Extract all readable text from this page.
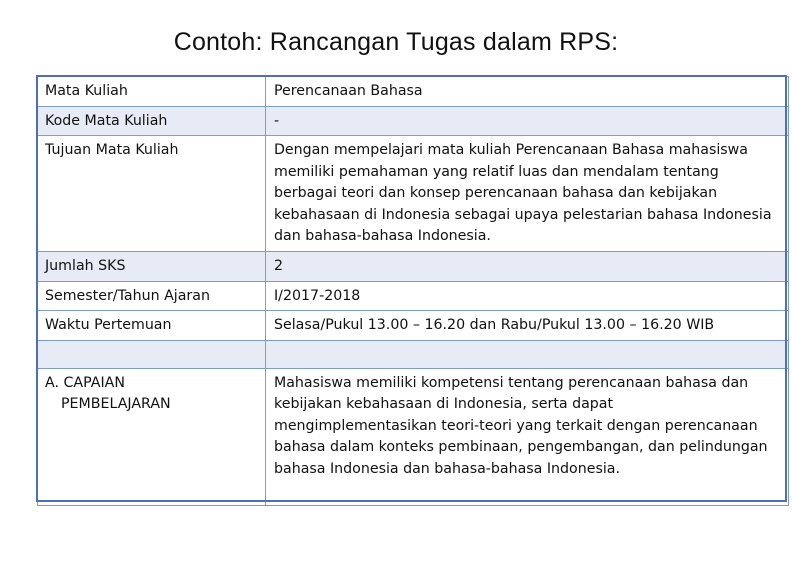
Contoh: Rancangan Tugas dalam RPS:
Mata Kuliah	Perencanaan Bahasa
Kode Mata Kuliah	-
Tujuan Mata Kuliah	Dengan mempelajari mata kuliah Perencanaan Bahasa mahasiswa memiliki pemahaman yang relatif luas dan mendalam tentang berbagai teori dan konsep perencanaan bahasa dan kebijakan kebahasaan di Indonesia sebagai upaya pelestarian bahasa Indonesia dan bahasa-bahasa Indonesia.
Jumlah SKS	2
Semester/Tahun Ajaran	I/2017-2018
Waktu Pertemuan	Selasa/Pukul 13.00 – 16.20 dan Rabu/Pukul 13.00 – 16.20 WIB

A. CAPAIAN
PEMBELAJARAN	Mahasiswa memiliki kompetensi tentang perencanaan bahasa dan kebijakan kebahasaan di Indonesia, serta dapat mengimplementasikan teori-teori yang terkait dengan perencanaan bahasa dalam konteks pembinaan, pengembangan, dan pelindungan bahasa Indonesia dan bahasa-bahasa Indonesia.
